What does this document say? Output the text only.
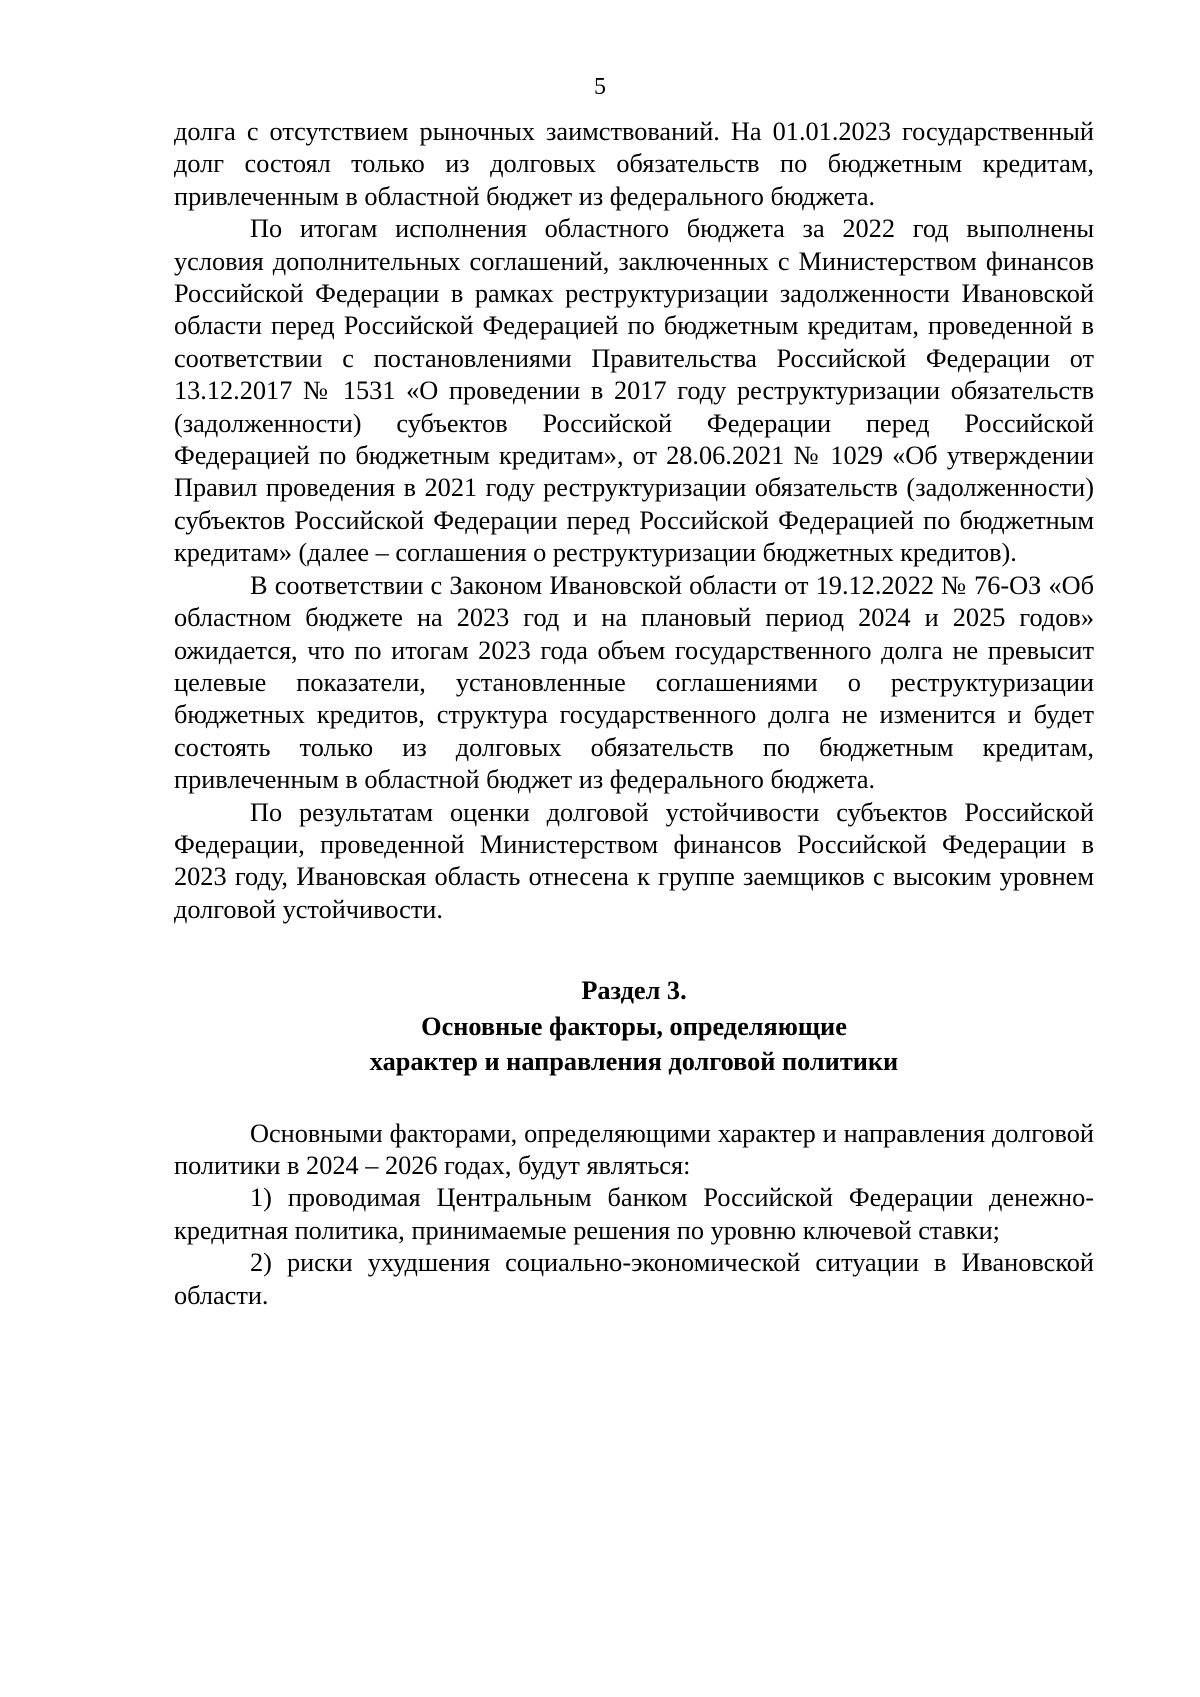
5

долга с отсутствием рыночных заимствований. На 01.01.2023 государственный долг состоял только из долговых обязательств по бюджетным кредитам, привлеченным в областной бюджет из федерального бюджета.

По итогам исполнения областного бюджета за 2022 год выполнены условия дополнительных соглашений, заключенных с Министерством финансов Российской Федерации в рамках реструктуризации задолженности Ивановской области перед Российской Федерацией по бюджетным кредитам, проведенной в соответствии с постановлениями Правительства Российской Федерации от 13.12.2017 № 1531 «О проведении в 2017 году реструктуризации обязательств (задолженности) субъектов Российской Федерации перед Российской Федерацией по бюджетным кредитам», от 28.06.2021 № 1029 «Об утверждении Правил проведения в 2021 году реструктуризации обязательств (задолженности) субъектов Российской Федерации перед Российской Федерацией по бюджетным кредитам» (далее – соглашения о реструктуризации бюджетных кредитов).

В соответствии с Законом Ивановской области от 19.12.2022 № 76-ОЗ «Об областном бюджете на 2023 год и на плановый период 2024 и 2025 годов» ожидается, что по итогам 2023 года объем государственного долга не превысит целевые показатели, установленные соглашениями о реструктуризации бюджетных кредитов, структура государственного долга не изменится и будет состоять только из долговых обязательств по бюджетным кредитам, привлеченным в областной бюджет из федерального бюджета.

По результатам оценки долговой устойчивости субъектов Российской Федерации, проведенной Министерством финансов Российской Федерации в 2023 году, Ивановская область отнесена к группе заемщиков с высоким уровнем долговой устойчивости.

Раздел 3.
Основные факторы, определяющие
характер и направления долговой политики

Основными факторами, определяющими характер и направления долговой политики в 2024 – 2026 годах, будут являться:

1) проводимая Центральным банком Российской Федерации денежно-кредитная политика, принимаемые решения по уровню ключевой ставки;

2) риски ухудшения социально-экономической ситуации в Ивановской области.
